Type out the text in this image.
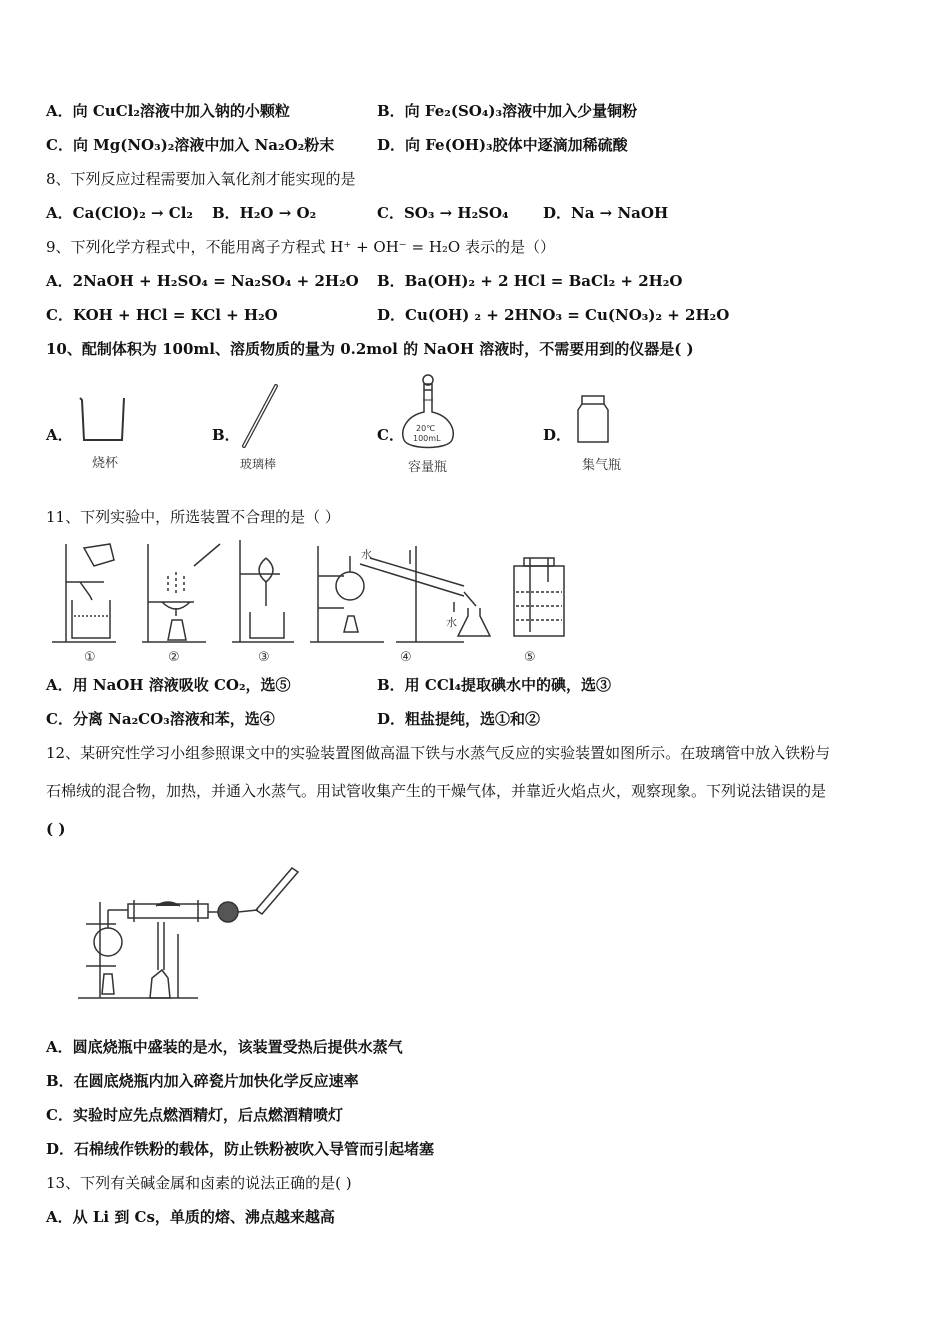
A．向 CuCl₂溶液中加入钠的小颗粒	B．向 Fe₂(SO₄)₃溶液中加入少量铜粉
C．向 Mg(NO₃)₂溶液中加入 Na₂O₂粉末	D．向 Fe(OH)₃胶体中逐滴加稀硫酸
8、下列反应过程需要加入氧化剂才能实现的是
A．Ca(ClO)₂ → Cl₂ B．H₂O → O₂	C．SO₃ → H₂SO₄ D．Na → NaOH
9、下列化学方程式中，不能用离子方程式 H⁺ + OH⁻ = H₂O 表示的是（）
A．2NaOH + H₂SO₄ = Na₂SO₄ + 2H₂O B．Ba(OH)₂ + 2 HCl = BaCl₂ + 2H₂O
C．KOH + HCl = KCl + H₂O	D．Cu(OH) ₂ + 2HNO₃ = Cu(NO₃)₂ + 2H₂O
10、配制体积为 100ml、溶质物质的量为 0.2mol 的 NaOH 溶液时，不需要用到的仪器是( )
A．
烧杯
B．
玻璃棒
C． 20℃
100mL
容量瓶
D．
集气瓶
11、下列实验中，所选装置不合理的是（ ）
水
水
①	②	③	④	⑤
A．用 NaOH 溶液吸收 CO₂，选⑤	B．用 CCl₄提取碘水中的碘，选③
C．分离 Na₂CO₃溶液和苯，选④	D．粗盐提纯，选①和②
12、某研究性学习小组参照课文中的实验装置图做高温下铁与水蒸气反应的实验装置如图所示。在玻璃管中放入铁粉与
石棉绒的混合物，加热，并通入水蒸气。用试管收集产生的干燥气体，并靠近火焰点火，观察现象。下列说法错误的是
( )
A．圆底烧瓶中盛装的是水，该装置受热后提供水蒸气
B．在圆底烧瓶内加入碎瓷片加快化学反应速率
C．实验时应先点燃酒精灯，后点燃酒精喷灯
D．石棉绒作铁粉的载体，防止铁粉被吹入导管而引起堵塞
13、下列有关碱金属和卤素的说法正确的是( )
A．从 Li 到 Cs，单质的熔、沸点越来越高
